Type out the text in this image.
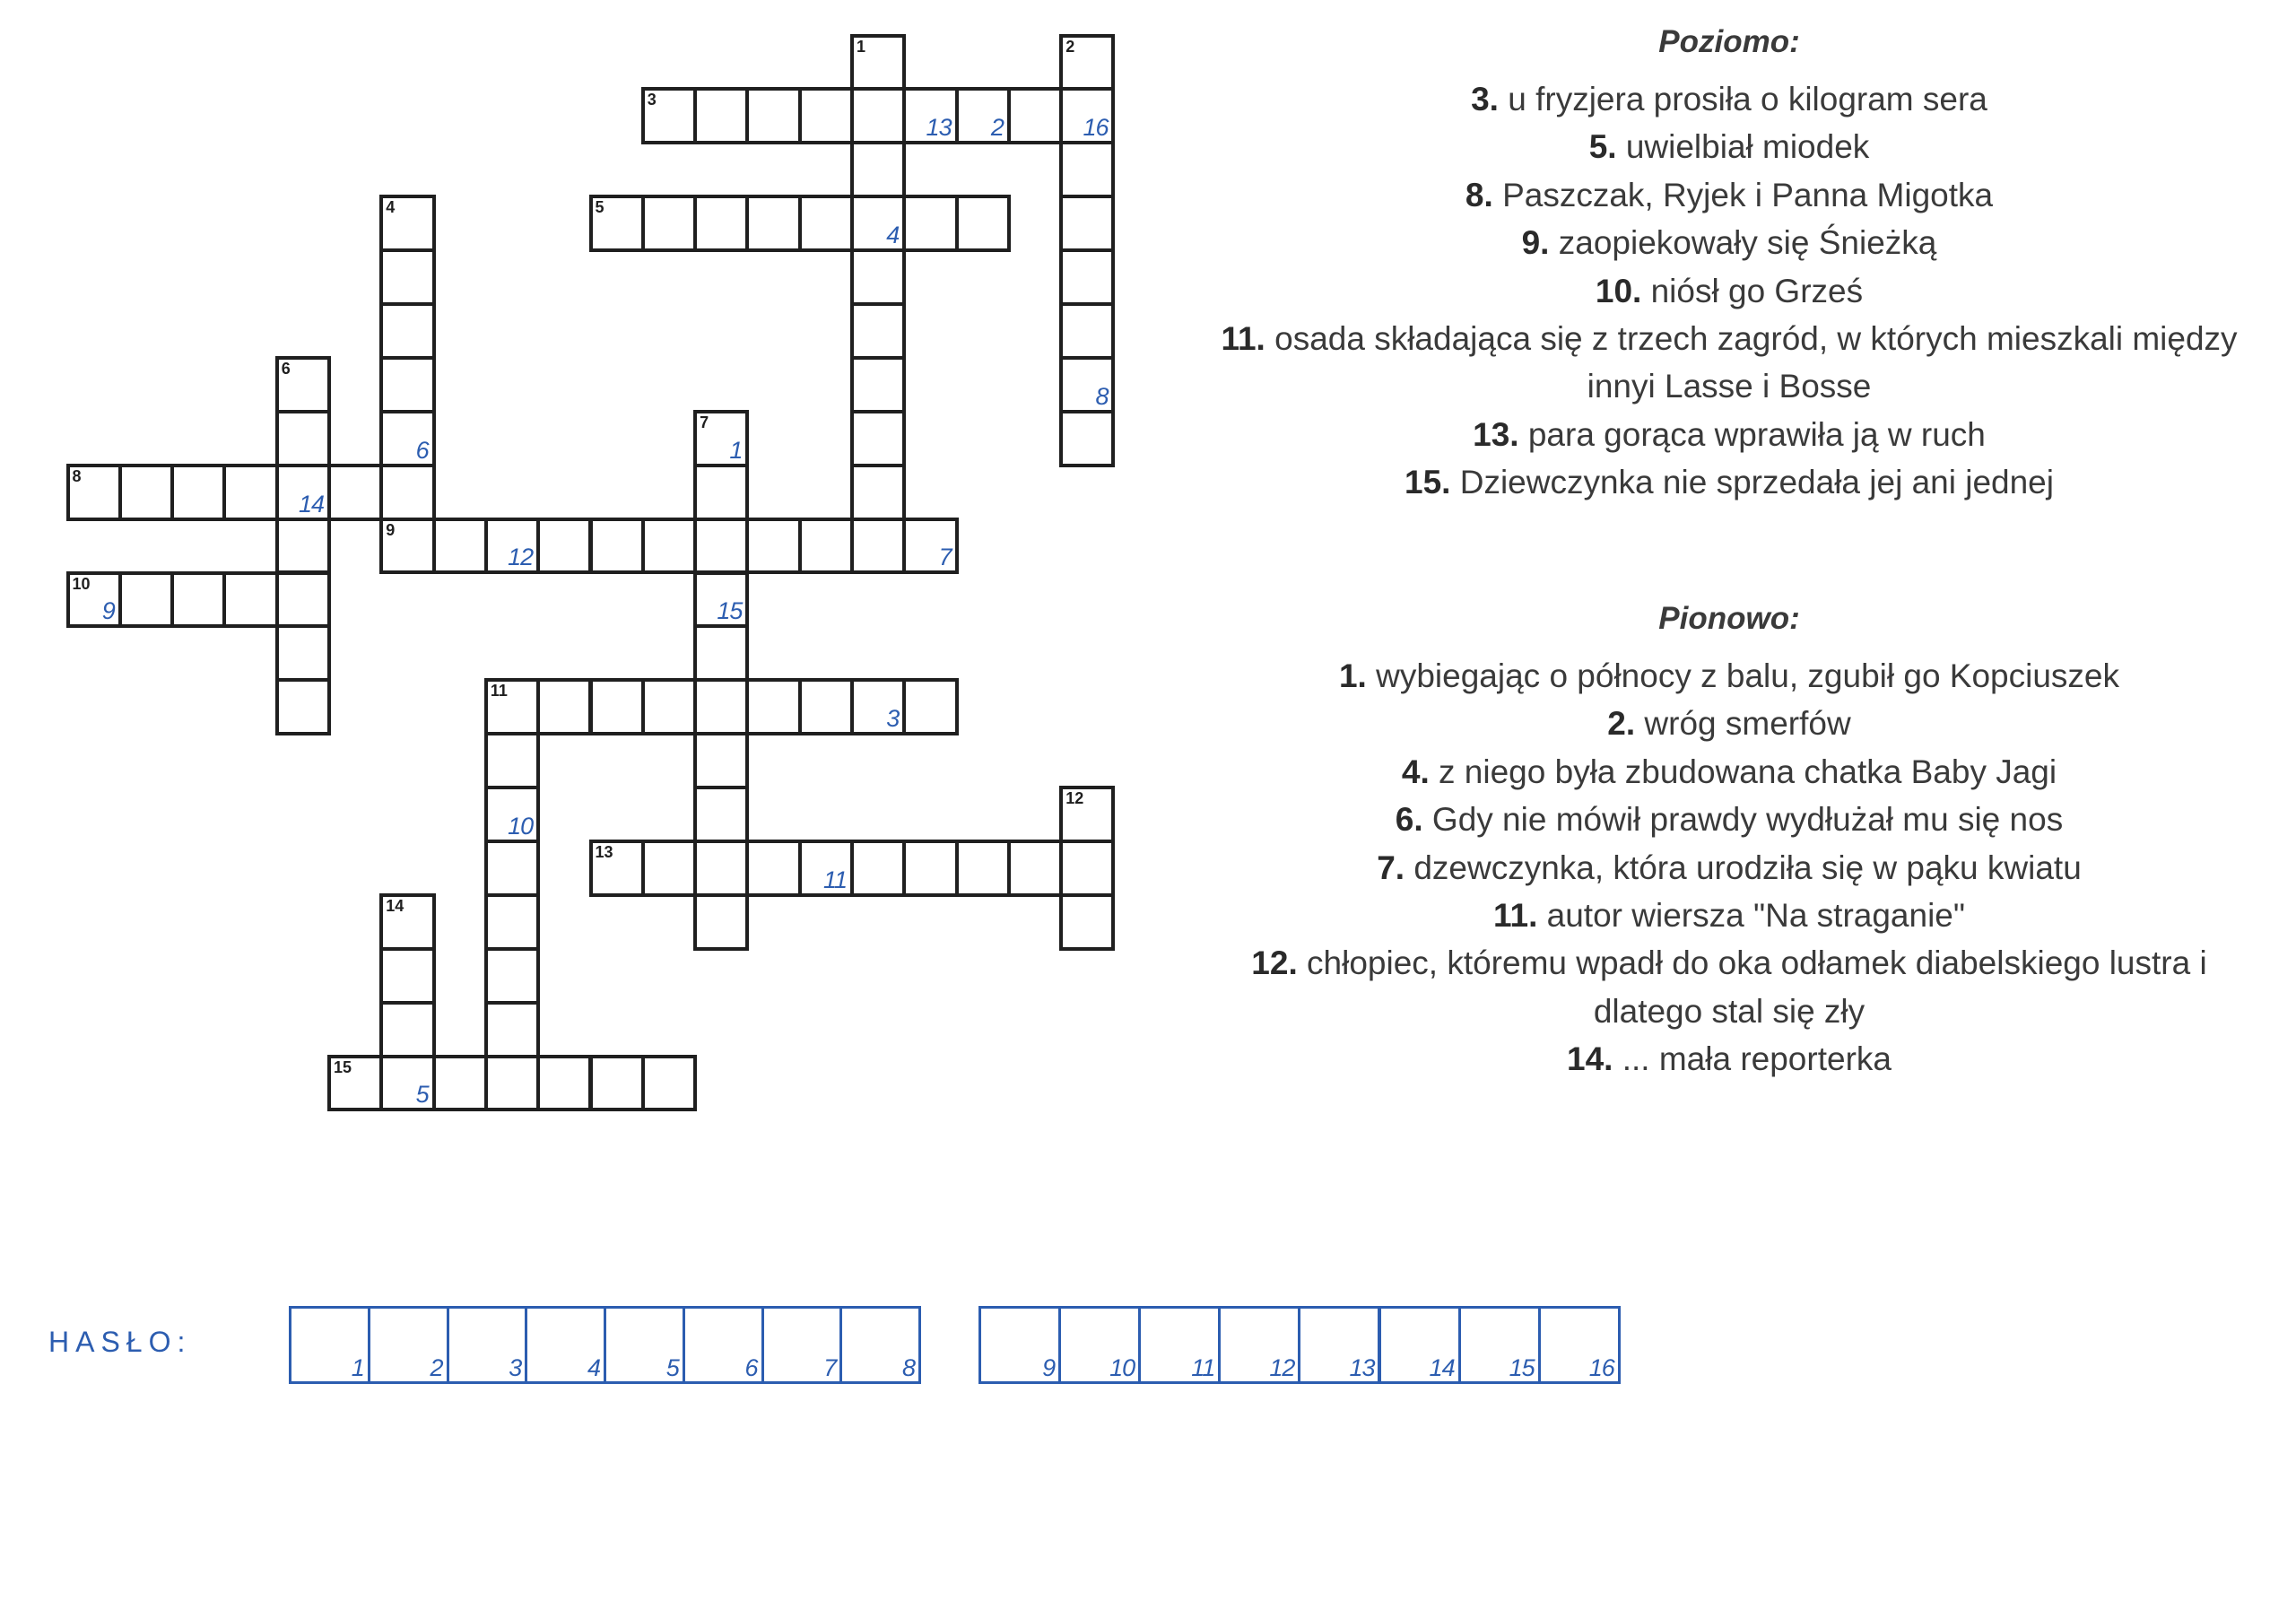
3
13 2	16
5
4
8
14
9
12	7
10
9
11
3
13
11
15
5
1	2
8
4
6
6
7
1
15
10
12
14
Poziomo:
3. u fryzjera prosiła o kilogram sera
5. uwielbiał miodek
8. Paszczak, Ryjek i Panna Migotka
9. zaopiekowały się Śnieżką
10. niósł go Grześ
11. osada składająca się z trzech zagród, w których mieszkali między
innyi Lasse i Bosse
13. para gorąca wprawiła ją w ruch
15. Dziewczynka nie sprzedała jej ani jednej
Pionowo:
1. wybiegając o północy z balu, zgubił go Kopciuszek
2. wróg smerfów
4. z niego była zbudowana chatka Baby Jagi
6. Gdy nie mówił prawdy wydłużał mu się nos
7. dzewczynka, która urodziła się w pąku kwiatu
11. autor wiersza "Na straganie"
12. chłopiec, któremu wpadł do oka odłamek diabelskiego lustra i
dlatego stal się zły
14. ... mała reporterka
HASŁO:
1	2	3	4	5	6	7	8	9 10 11 12 13 14 15 16
